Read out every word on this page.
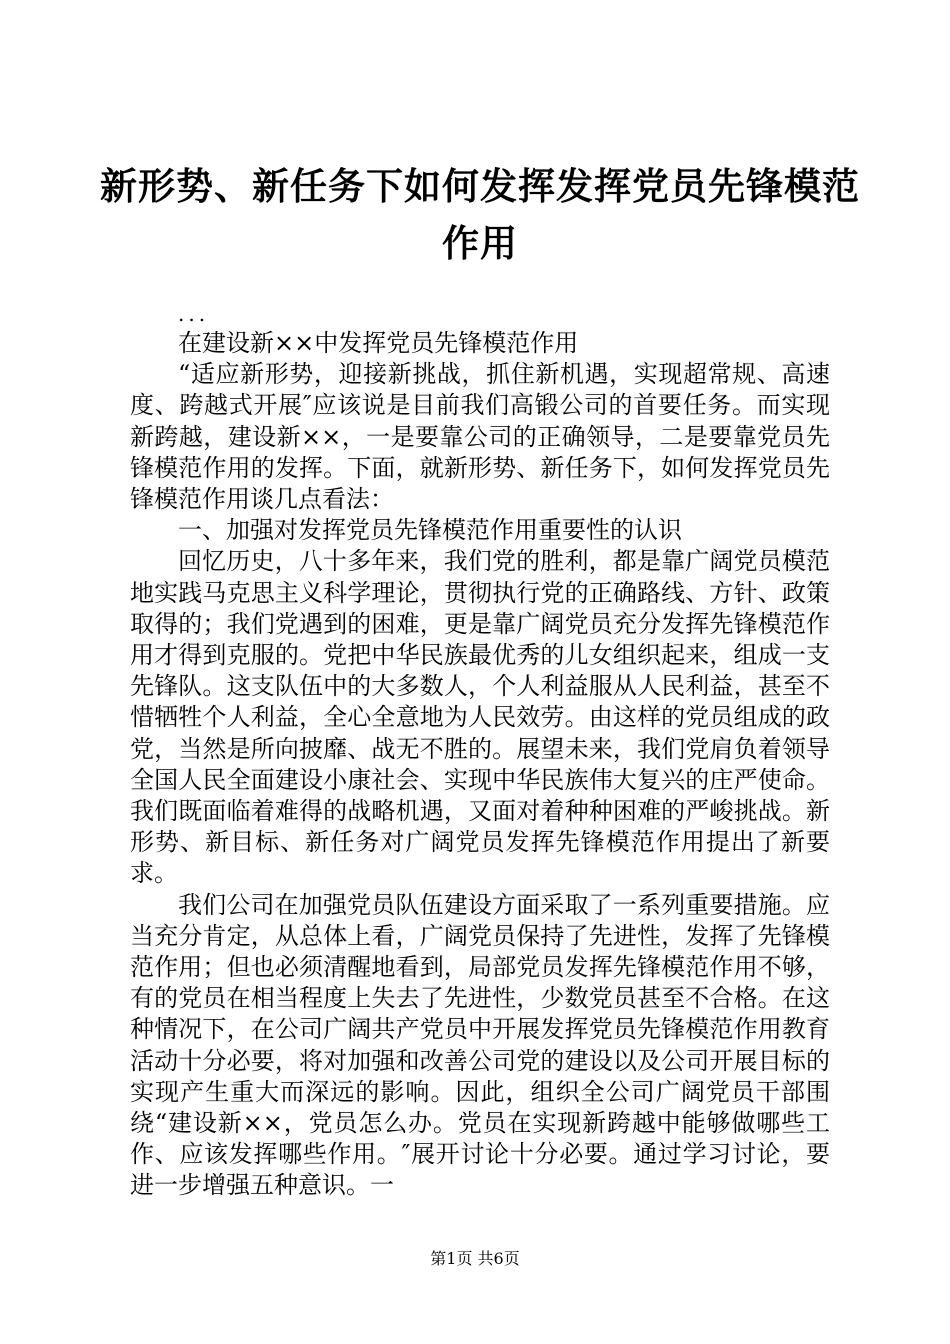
新形势、新任务下如何发挥发挥党员先锋模范
作用
...

在建设新××中发挥党员先锋模范作用

“适应新形势，迎接新挑战，抓住新机遇，实现超常规、高速度、跨越式开展″应该说是目前我们高锻公司的首要任务。而实现新跨越，建设新××，一是要靠公司的正确领导，二是要靠党员先锋模范作用的发挥。下面，就新形势、新任务下，如何发挥党员先锋模范作用谈几点看法：

一、加强对发挥党员先锋模范作用重要性的认识

回忆历史，八十多年来，我们党的胜利，都是靠广阔党员模范地实践马克思主义科学理论，贯彻执行党的正确路线、方针、政策取得的；我们党遇到的困难，更是靠广阔党员充分发挥先锋模范作用才得到克服的。党把中华民族最优秀的儿女组织起来，组成一支先锋队。这支队伍中的大多数人，个人利益服从人民利益，甚至不惜牺牲个人利益，全心全意地为人民效劳。由这样的党员组成的政党，当然是所向披靡、战无不胜的。展望未来，我们党肩负着领导全国人民全面建设小康社会、实现中华民族伟大复兴的庄严使命。我们既面临着难得的战略机遇，又面对着种种困难的严峻挑战。新形势、新目标、新任务对广阔党员发挥先锋模范作用提出了新要求。

我们公司在加强党员队伍建设方面采取了一系列重要措施。应当充分肯定，从总体上看，广阔党员保持了先进性，发挥了先锋模范作用；但也必须清醒地看到，局部党员发挥先锋模范作用不够，有的党员在相当程度上失去了先进性，少数党员甚至不合格。在这种情况下，在公司广阔共产党员中开展发挥党员先锋模范作用教育活动十分必要，将对加强和改善公司党的建设以及公司开展目标的实现产生重大而深远的影响。因此，组织全公司广阔党员干部围绕“建设新××，党员怎么办。党员在实现新跨越中能够做哪些工作、应该发挥哪些作用。″展开讨论十分必要。通过学习讨论，要进一步增强五种意识。一

第1页 共6页
